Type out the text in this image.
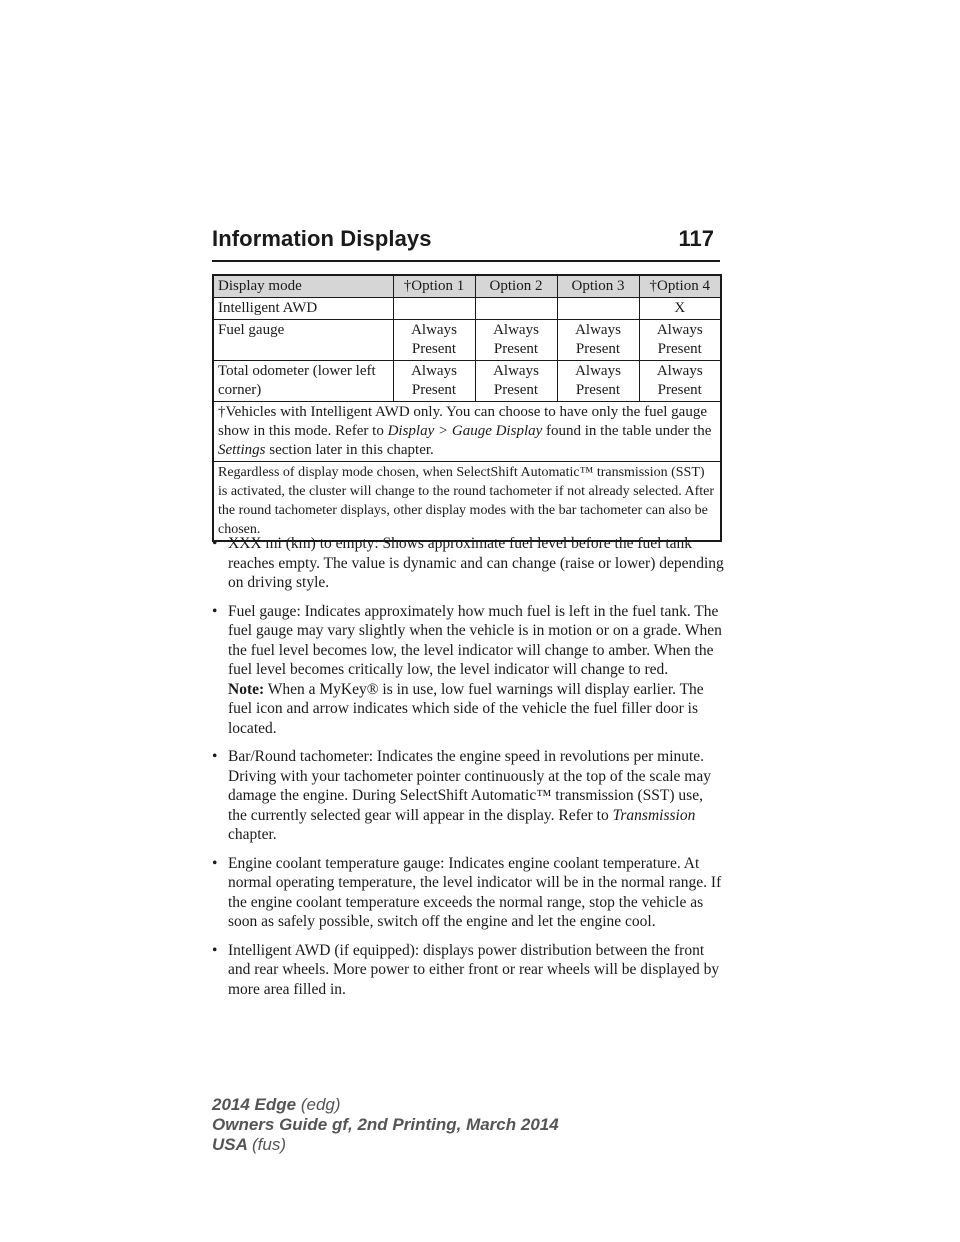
Information Displays	117
Display mode	†Option 1	Option 2	Option 3	†Option 4
Intelligent AWD				X
Fuel gauge	Always Present	Always Present	Always Present	Always Present
Total odometer (lower left corner)	Always Present	Always Present	Always Present	Always Present
†Vehicles with Intelligent AWD only. You can choose to have only the fuel gauge show in this mode. Refer to Display > Gauge Display found in the table under the Settings section later in this chapter.				
Regardless of display mode chosen, when SelectShift Automatic™ transmission (SST) is activated, the cluster will change to the round tachometer if not already selected. After the round tachometer displays, other display modes with the bar tachometer can also be chosen.				
• XXX mi (km) to empty: Shows approximate fuel level before the fuel tank reaches empty. The value is dynamic and can change (raise or lower) depending on driving style.
• Fuel gauge: Indicates approximately how much fuel is left in the fuel tank. The fuel gauge may vary slightly when the vehicle is in motion or on a grade. When the fuel level becomes low, the level indicator will change to amber. When the fuel level becomes critically low, the level indicator will change to red.
Note: When a MyKey® is in use, low fuel warnings will display earlier. The fuel icon and arrow indicates which side of the vehicle the fuel filler door is located.
• Bar/Round tachometer: Indicates the engine speed in revolutions per minute. Driving with your tachometer pointer continuously at the top of the scale may damage the engine. During SelectShift Automatic™ transmission (SST) use, the currently selected gear will appear in the display. Refer to Transmission chapter.
• Engine coolant temperature gauge: Indicates engine coolant temperature. At normal operating temperature, the level indicator will be in the normal range. If the engine coolant temperature exceeds the normal range, stop the vehicle as soon as safely possible, switch off the engine and let the engine cool.
• Intelligent AWD (if equipped): displays power distribution between the front and rear wheels. More power to either front or rear wheels will be displayed by more area filled in.
2014 Edge (edg)
Owners Guide gf, 2nd Printing, March 2014
USA (fus)
